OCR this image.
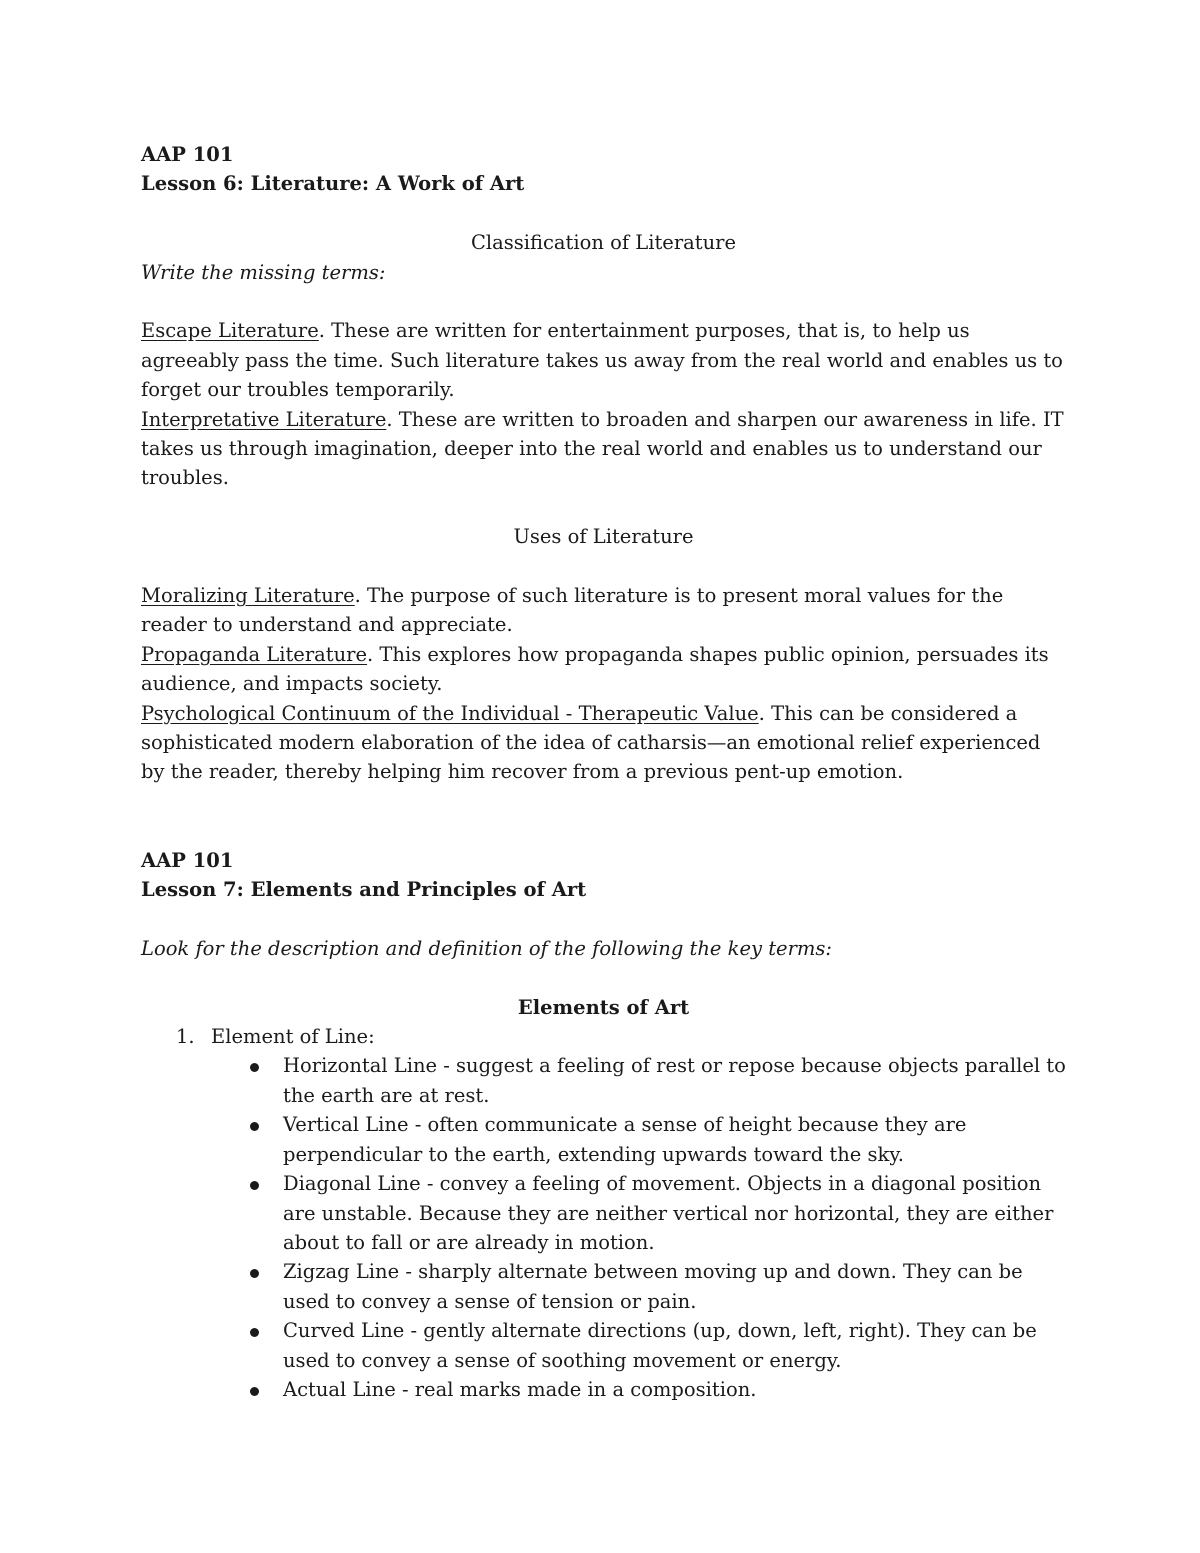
AAP 101
Lesson 6: Literature: A Work of Art
Classification of Literature
Write the missing terms:
Escape Literature. These are written for entertainment purposes, that is, to help us agreeably pass the time. Such literature takes us away from the real world and enables us to forget our troubles temporarily.
Interpretative Literature. These are written to broaden and sharpen our awareness in life. IT takes us through imagination, deeper into the real world and enables us to understand our troubles.
Uses of Literature
Moralizing Literature. The purpose of such literature is to present moral values for the reader to understand and appreciate.
Propaganda Literature. This explores how propaganda shapes public opinion, persuades its audience, and impacts society.
Psychological Continuum of the Individual - Therapeutic Value. This can be considered a sophisticated modern elaboration of the idea of catharsis—an emotional relief experienced by the reader, thereby helping him recover from a previous pent-up emotion.
AAP 101
Lesson 7: Elements and Principles of Art
Look for the description and definition of the following the key terms:
Elements of Art
1. Element of Line:
Horizontal Line - suggest a feeling of rest or repose because objects parallel to the earth are at rest.
Vertical Line - often communicate a sense of height because they are perpendicular to the earth, extending upwards toward the sky.
Diagonal Line - convey a feeling of movement. Objects in a diagonal position are unstable. Because they are neither vertical nor horizontal, they are either about to fall or are already in motion.
Zigzag Line - sharply alternate between moving up and down. They can be used to convey a sense of tension or pain.
Curved Line - gently alternate directions (up, down, left, right). They can be used to convey a sense of soothing movement or energy.
Actual Line - real marks made in a composition.
